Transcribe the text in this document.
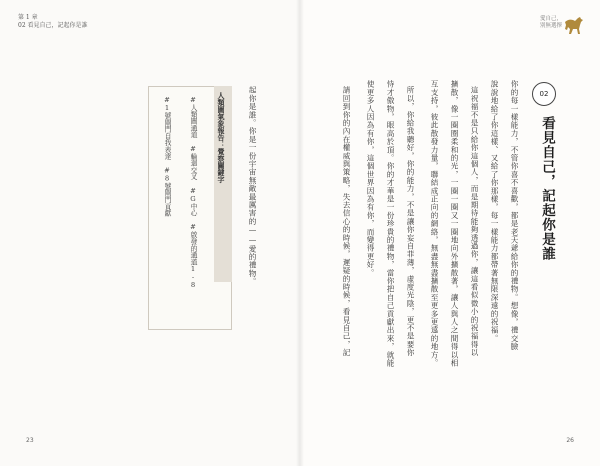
第 1 章
02 看見自己，記起你是誰
23
愛自己，
別無選擇
26
起你是誰。你是一份宇宙無敵最厲害的——愛的禮物。
人類圖氣象報告：覺察關鍵字
#人類圖通道　#輪迴交叉　#G中心　#啟發的通道1-8
#1號閘門自我表達　#8號閘門貢獻
02
看見自己，記起你是誰
你的每一樣能力，不管你喜不喜歡，都是老天爺給你的禮物。想像，禮交臉
說說地給了你這樣、又給了你那樣，每一樣能力都帶著無限深遠的祝福。
這祝福不是只給你這個人，而是期待能夠透過你，讓這看似微小的祝福得以
擴散，像一圈圈柔和的光，一圈一圈又一圈地向外擴散著，讓人與人之間得以相
互支持，彼此散發力量，聯結成正向的網絡，無盡無盡擴散至更多更遠的地方。
所以，你給我聽好，你的能力，不是讓你妄自菲薄，虛度光陰，更不是要你
恃才傲物，眼高於頂。你的才華是一份珍貴的禮物，當你把自己貢獻出來，就能
使更多人因為有你，這個世界因為有你，而變得更好。
請回到你的內在權威與策略，失去信心的時候，遲疑的時候，看見自己，記
